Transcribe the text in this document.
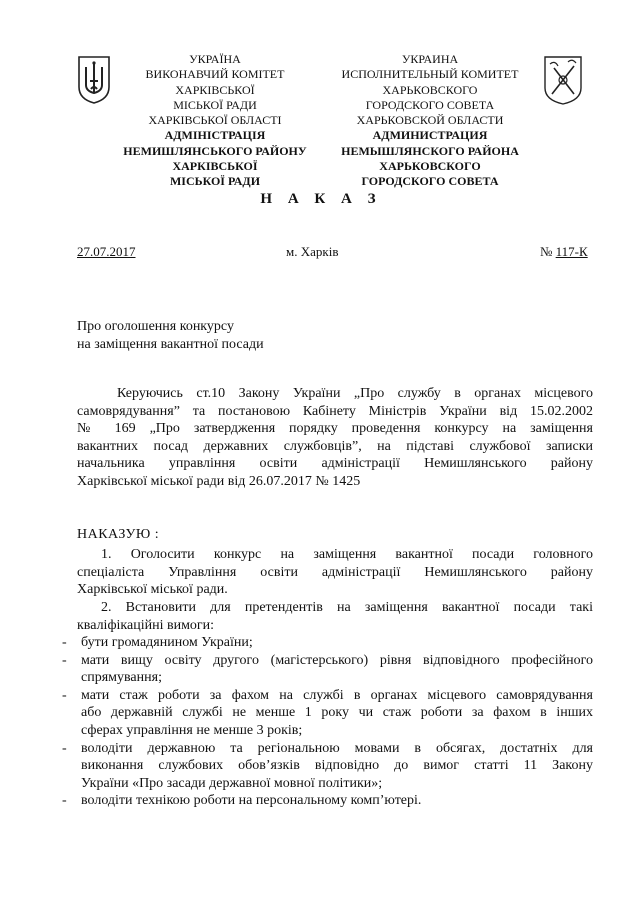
УКРАЇНА
ВИКОНАВЧИЙ КОМІТЕТ
ХАРКІВСЬКОЇ
МІСЬКОЇ РАДИ
ХАРКІВСЬКОЇ ОБЛАСТІ
АДМІНІСТРАЦІЯ
НЕМИШЛЯНСЬКОГО РАЙОНУ
ХАРКІВСЬКОЇ
МІСЬКОЇ РАДИ
УКРАИНА
ИСПОЛНИТЕЛЬНЫЙ КОМИТЕТ
ХАРЬКОВСКОГО
ГОРОДСКОГО СОВЕТА
ХАРЬКОВСКОЙ ОБЛАСТИ
АДМИНИСТРАЦИЯ
НЕМЫШЛЯНСКОГО РАЙОНА
ХАРЬКОВСКОГО
ГОРОДСКОГО СОВЕТА
Н А К А З
27.07.2017	м. Харків	№ 117-К
Про оголошення конкурсу
на заміщення вакантної посади
Керуючись ст.10 Закону України „Про службу в органах місцевого
самоврядування” та постановою Кабінету Міністрів України від 15.02.2002
№ 169 „Про затвердження порядку проведення конкурсу на заміщення
вакантних посад державних службовців”, на підставі службової записки
начальника управління освіти адміністрації Немишлянського району
Харківської міської ради від 26.07.2017 № 1425
НАКАЗУЮ :
1. Оголосити конкурс на заміщення вакантної посади головного
спеціаліста Управління освіти адміністрації Немишлянського району
Харківської міської ради.
2. Встановити для претендентів на заміщення вакантної посади такі
кваліфікаційні вимоги:
- бути громадянином України;
- мати вищу освіту другого (магістерського) рівня відповідного професійного
спрямування;
- мати стаж роботи за фахом на службі в органах місцевого самоврядування
або державній службі не менше 1 року чи стаж роботи за фахом в інших
сферах управління не менше 3 років;
- володіти державною та регіональною мовами в обсягах, достатніх для
виконання службових обов’язків відповідно до вимог статті 11 Закону
України «Про засади державної мовної політики»;
- володіти технікою роботи на персональному комп’ютері.
